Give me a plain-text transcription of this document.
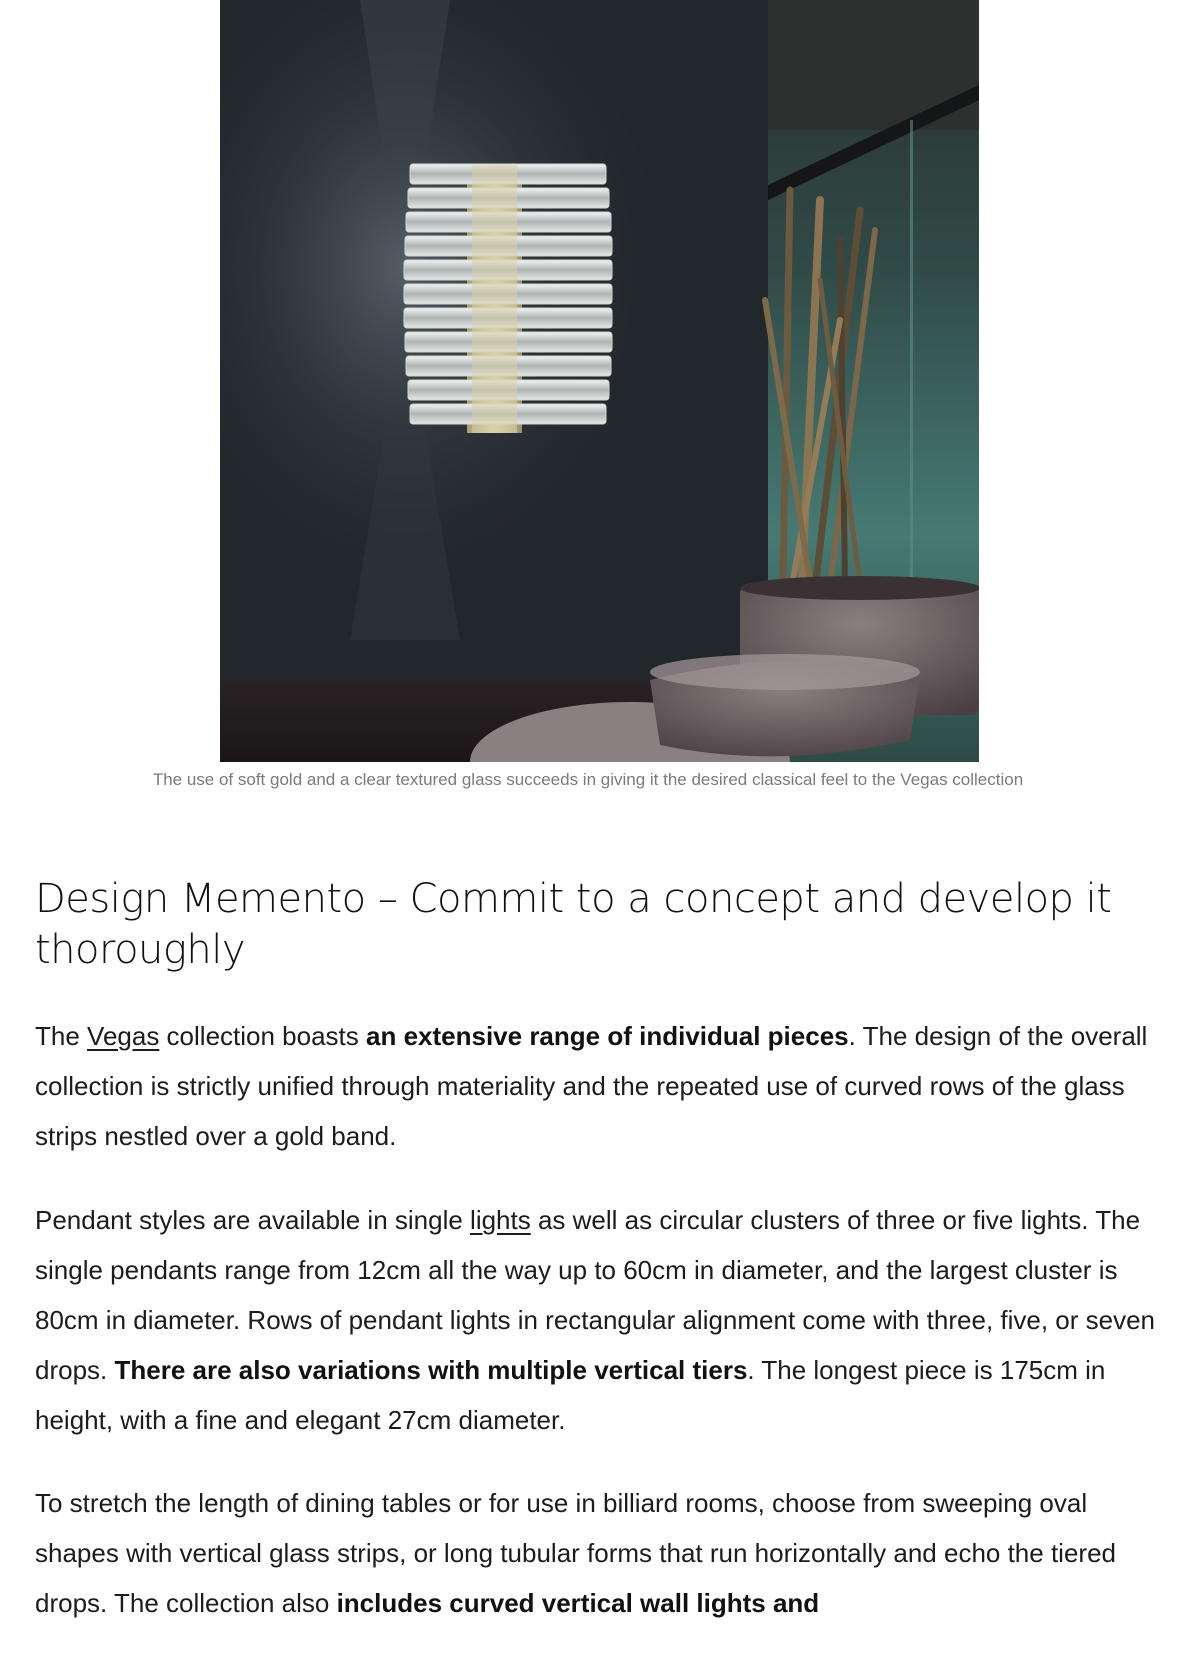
The use of soft gold and a clear textured glass succeeds in giving it the desired classical feel to the Vegas collection
Design Memento – Commit to a concept and develop it thoroughly

The Vegas collection boasts an extensive range of individual pieces. The design of the overall collection is strictly unified through materiality and the repeated use of curved rows of the glass strips nestled over a gold band.

Pendant styles are available in single lights as well as circular clusters of three or five lights. The single pendants range from 12cm all the way up to 60cm in diameter, and the largest cluster is 80cm in diameter. Rows of pendant lights in rectangular alignment come with three, five, or seven drops. There are also variations with multiple vertical tiers. The longest piece is 175cm in height, with a fine and elegant 27cm diameter.

To stretch the length of dining tables or for use in billiard rooms, choose from sweeping oval shapes with vertical glass strips, or long tubular forms that run horizontally and echo the tiered drops. The collection also includes curved vertical wall lights and
